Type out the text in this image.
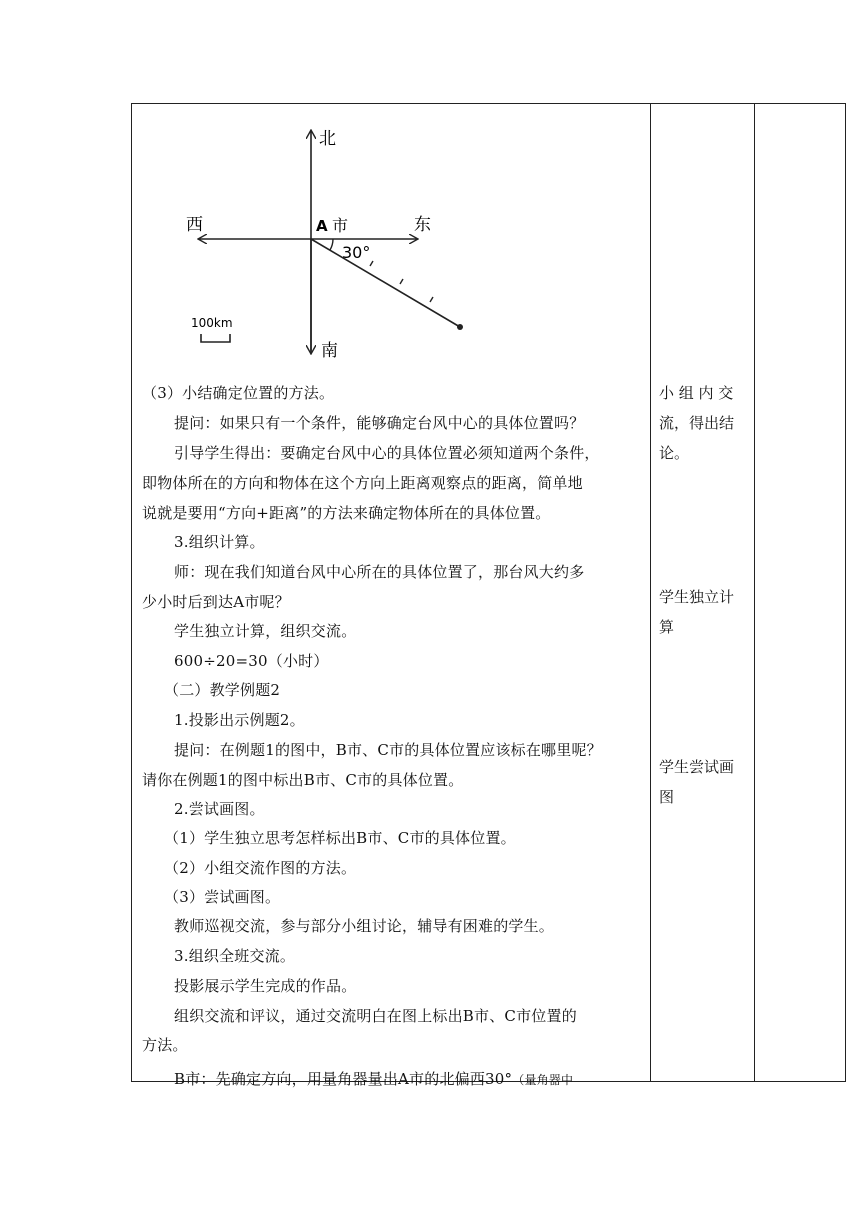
北
南
西	东
A 市
30°
100km
（3）小结确定位置的方法。
提问：如果只有一个条件，能够确定台风中心的具体位置吗？
引导学生得出：要确定台风中心的具体位置必须知道两个条件，
即物体所在的方向和物体在这个方向上距离观察点的距离，简单地
说就是要用“方向+距离”的方法来确定物体所在的具体位置。
3.组织计算。
师：现在我们知道台风中心所在的具体位置了，那台风大约多
少小时后到达A市呢？
学生独立计算，组织交流。
600÷20=30（小时）
（二）教学例题2
1.投影出示例题2。
提问：在例题1的图中，B市、C市的具体位置应该标在哪里呢？
请你在例题1的图中标出B市、C市的具体位置。
2.尝试画图。
（1）学生独立思考怎样标出B市、C市的具体位置。
（2）小组交流作图的方法。
（3）尝试画图。
教师巡视交流，参与部分小组讨论，辅导有困难的学生。
3.组织全班交流。
投影展示学生完成的作品。
组织交流和评议，通过交流明白在图上标出B市、C市位置的
方法。
B市：先确定方向，用量角器量出A市的北偏西30°（量角器中
小 组 内 交
流，得出结
论。
学生独立计
算
学生尝试画
图
